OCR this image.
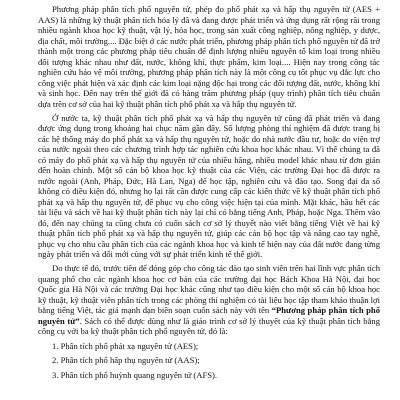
Phương pháp phân tích phổ nguyên tử, phép đo phổ phát xạ và hấp thụ nguyên tử (AES + AAS) là những kỹ thuật phân tích hóa lý đã và đang được phát triển và ứng dụng rất rộng rãi trong nhiều ngành khoa học kỹ thuật, vật lý, hóa học, trong sản xuất công nghiệp, nông nghiệp, y dược, địa chất, môi trường.... Đặc biệt ở các nước phát triển, phương pháp phân tích phổ nguyên tử đã trở thành một trong các phương pháp tiêu chuẩn để định lượng nhiều nguyên tố kim loại trong nhiều đối tượng khác nhau như đất, nước, không khí, thực phẩm, kim loại.... Hiện nay trong công tác nghiên cứu hảo vệ môi trường, phương pháp phân tích này là một công cụ tốt phục vụ đắc lực cho công việc phát hiện và xác định các kim loại nặng độc hại trong các đối tượng đất, nước, không khí và sinh học. Đến nay trên thế giới đã có hàng trăm phương pháp (quy trình) phân tích tiêu chuẩn dựa trên cơ sở của hai kỹ thuật phân tích phổ phát xạ và hấp thụ nguyên tử.

Ở nước ta, kỹ thuật phân tích phổ phát xạ và hấp thụ nguyên tử cũng đã phát triển và đang được ứng dụng trong khoảng hai chục năm gần đây. Số lượng phòng thí nghiệm đã được trang bị các hệ thống máy đo phổ phát xạ và hấp thụ nguyên tử, hoặc do nhà nước đầu tư, hoặc do viện trợ của nước ngoài theo các chương trình hợp tác nghiên cứu khoa học khác nhau. Vì thế chúng ta đã có máy đo phổ phát xạ và hấp thụ nguyên tử của nhiều hãng, nhiều model khác nhau từ đơn giản đến hoàn chỉnh. Một số cán bộ khoa học kỹ thuật của các Viện, các trường Đại học đã được ra nước ngoài (Anh, Pháp, Đức, Hà Lan, Nga) để học tập, nghiên cứu và đào tạo. Song đại đa số không có điều kiện đó, nhưng họ lại rất cần được cung cấp các kiến thức về kỹ thuật phân tích phổ phát xạ và hấp thụ nguyên tử, để phục vụ cho công việc hiện tại của mình. Mặt khác, hầu hết các tài liệu và sách về hai kỹ thuật phân tích này lại chỉ có bằng tiếng Anh, Pháp, hoặc Nga. Thêm vào đó, đến nay chúng ta cũng chưa có cuốn sách cơ sở lý thuyết nào viết bằng tiếng Việt về hai kỹ thuật phân tích phổ phát xạ và hấp thụ nguyên tử, giúp các cán bộ học tập và nâng cao tay nghề, phục vụ cho nhu cầu phân tích của các ngành khoa học và kinh tế hiện nay của đất nước đang từng ngày phát triển và đổi mới cùng với sự phát triển kinh tế thế giới.

Do thực tế đó, trước tiên để đóng góp cho công tác đào tạo sinh viên trên hai lĩnh vực phân tích quang phổ cho các ngành khoa học cơ bản của các trường đại học Bách Khoa Hà Nội, đại học Quốc gia Hà Nội và các trường Đại học khác cũng như tạo điều kiện cho một số cán bộ khoa học kỹ thuật, kỹ thuật viên phân tích trong các phòng thí nghiệm có tài liệu học tập tham khảo thuận lợi bằng tiếng Việt, tác giả mạnh dạn biên soạn cuốn sách này với tên “Phương pháp phân tích phổ nguyên tử”. Sách có thể được dùng như là giáo trình cơ sở lý thuyết của kỹ thuật phân tích bằng công cụ với ba kỹ thuật phân tích phổ nguyên tử, đó là:

1. Phân tích phổ phát xạ nguyên tử (AES);
2. Phân tích phổ hấp thụ nguyên tử (AAS);
3. Phân tích phổ huỳnh quang nguyên tử (AFS).
